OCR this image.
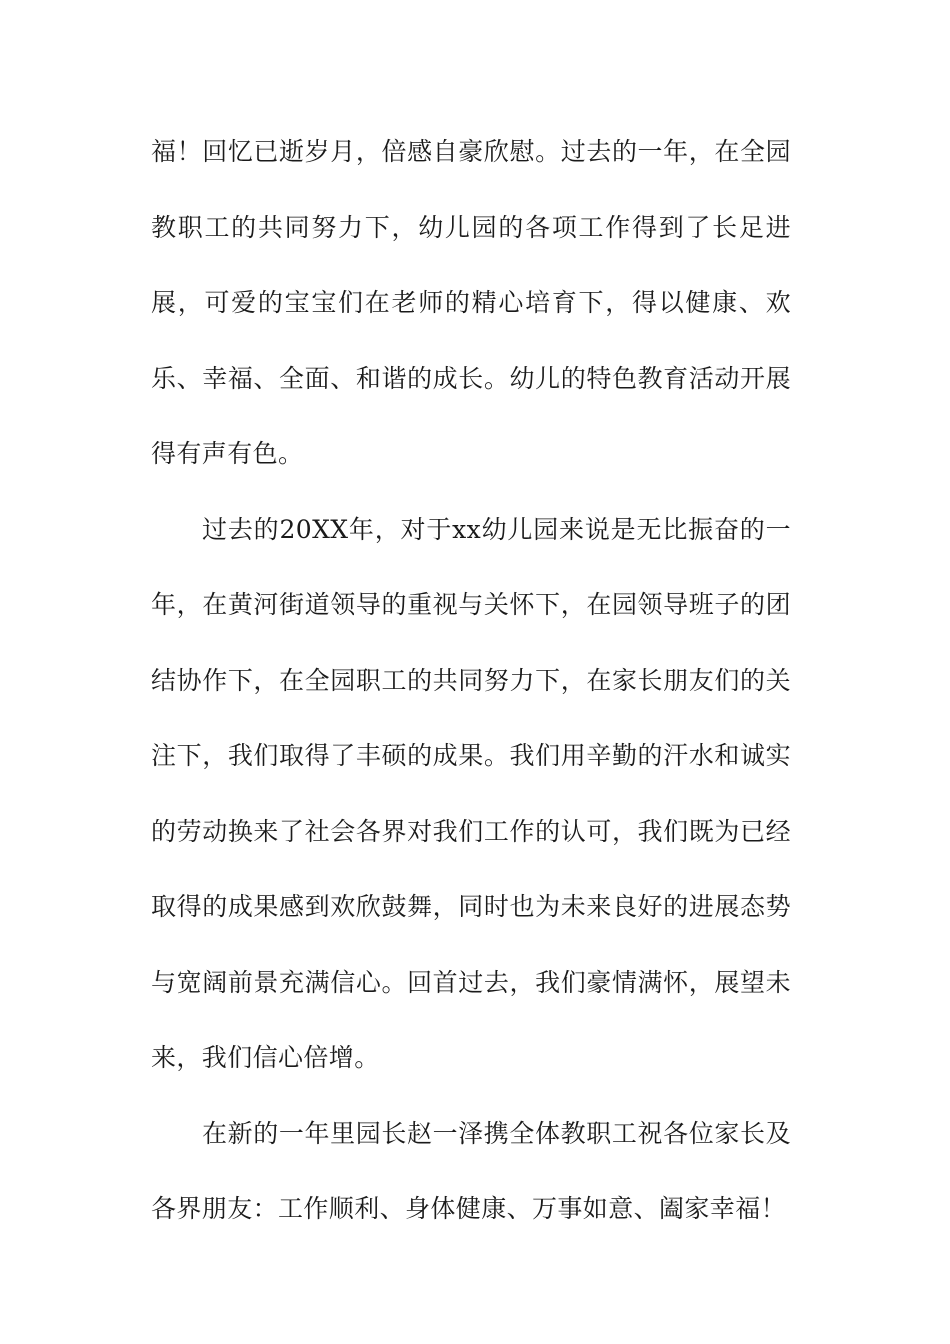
福！回忆已逝岁月，倍感自豪欣慰。过去的一年，在全园教职工的共同努力下，幼儿园的各项工作得到了长足进展，可爱的宝宝们在老师的精心培育下，得以健康、欢乐、幸福、全面、和谐的成长。幼儿的特色教育活动开展得有声有色。

过去的20XX年，对于xx幼儿园来说是无比振奋的一年，在黄河街道领导的重视与关怀下，在园领导班子的团结协作下，在全园职工的共同努力下，在家长朋友们的关注下，我们取得了丰硕的成果。我们用辛勤的汗水和诚实的劳动换来了社会各界对我们工作的认可，我们既为已经取得的成果感到欢欣鼓舞，同时也为未来良好的进展态势与宽阔前景充满信心。回首过去，我们豪情满怀，展望未来，我们信心倍增。

在新的一年里园长赵一泽携全体教职工祝各位家长及各界朋友：工作顺利、身体健康、万事如意、阖家幸福！
